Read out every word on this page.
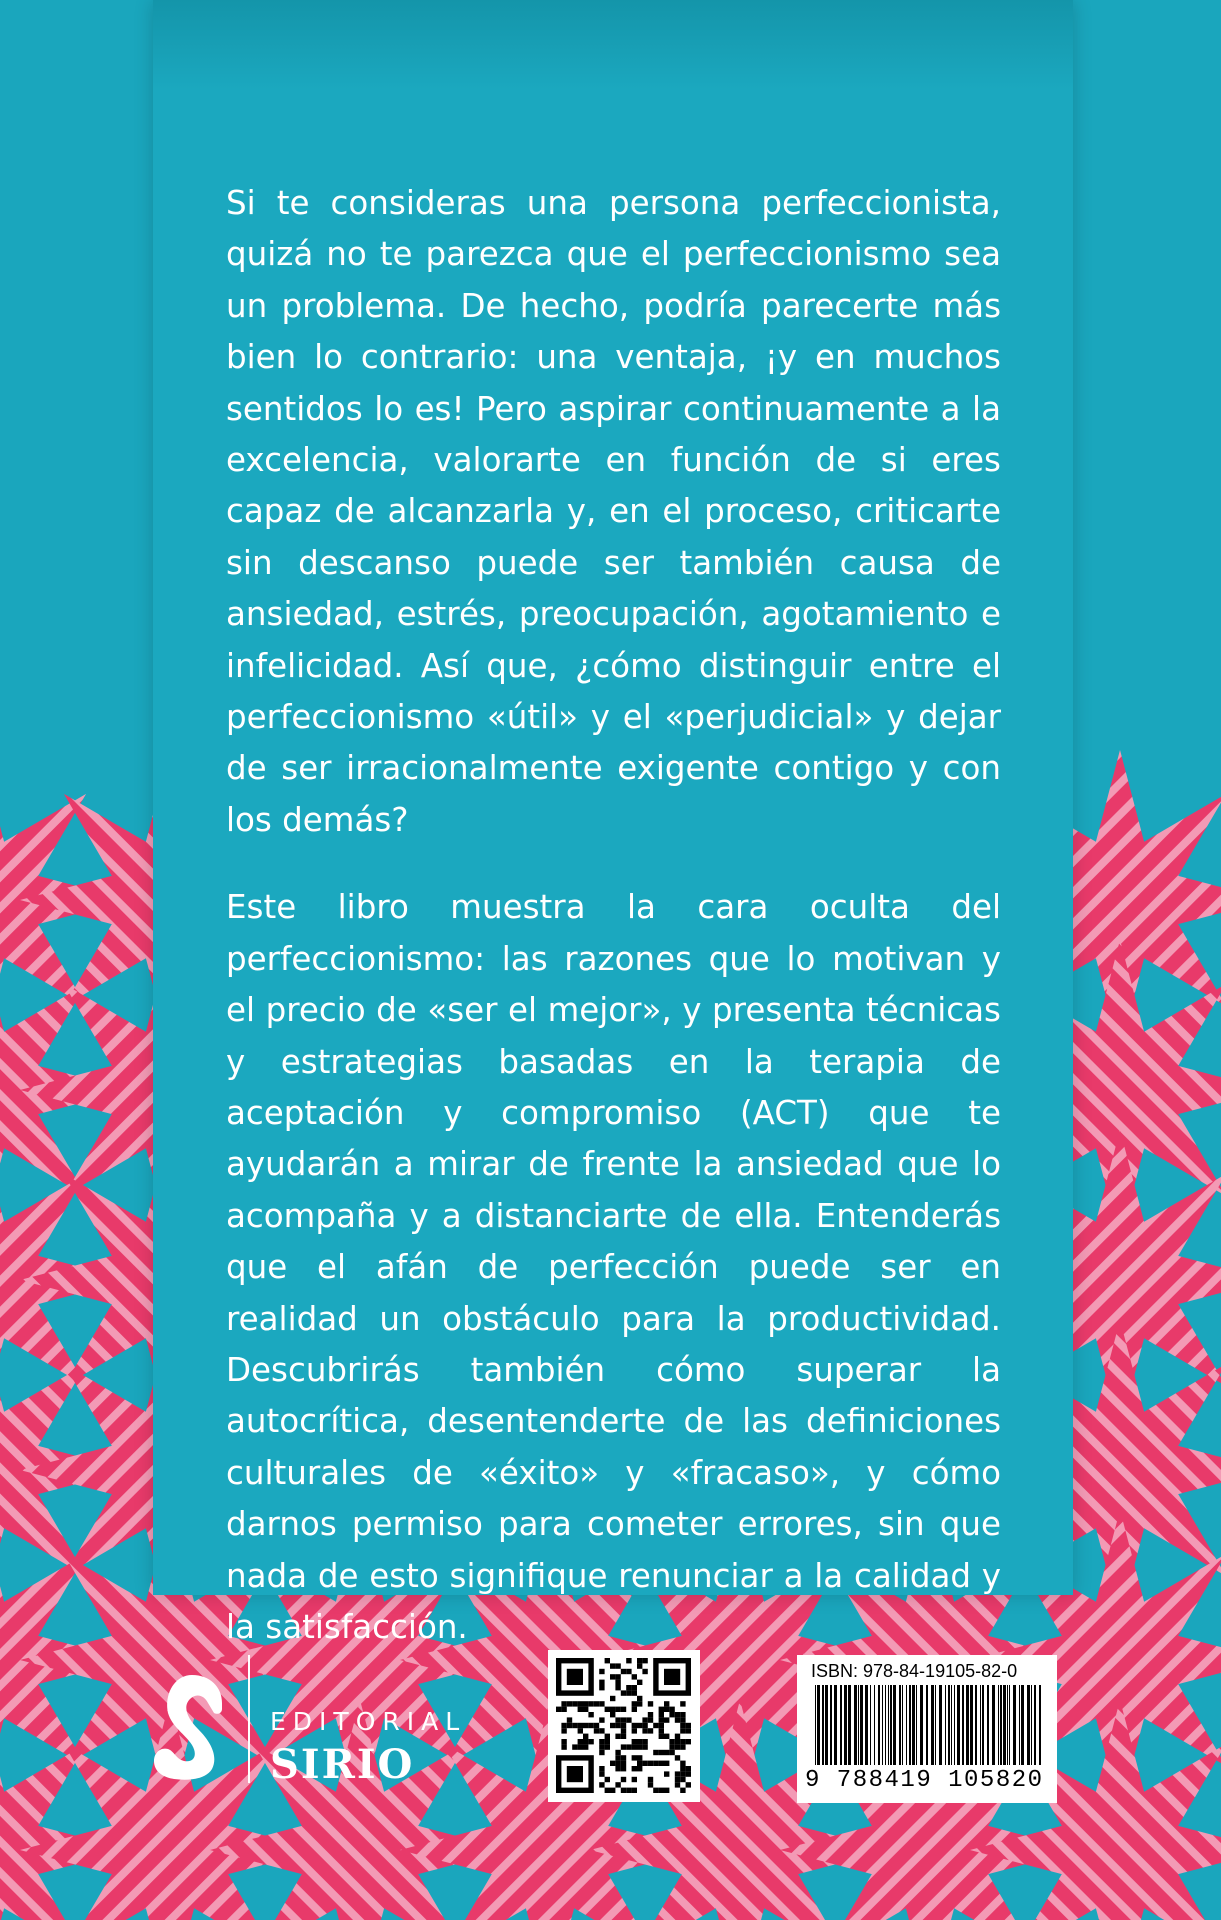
Si te consideras una persona perfeccionista, quizá no te parezca que el perfeccionismo sea un problema. De hecho, podría parecerte más bien lo contrario: una ventaja, ¡y en muchos sentidos lo es! Pero aspirar continuamente a la excelencia, valorarte en función de si eres capaz de alcanzarla y, en el proceso, criticarte sin descanso puede ser también causa de ansiedad, estrés, preocupación, agotamiento e infelicidad. Así que, ¿cómo distinguir entre el perfeccionismo «útil» y el «perjudicial» y dejar de ser irracionalmente exigente contigo y con los demás?

Este libro muestra la cara oculta del perfeccionismo: las razones que lo motivan y el precio de «ser el mejor», y presenta técnicas y estrategias basadas en la terapia de aceptación y compromiso (ACT) que te ayudarán a mirar de frente la ansiedad que lo acompaña y a distanciarte de ella. Entenderás que el afán de perfección puede ser en realidad un obstáculo para la productividad. Descubrirás también cómo superar la autocrítica, desentenderte de las definiciones culturales de «éxito» y «fracaso», y cómo darnos permiso para cometer errores, sin que nada de esto signifique renunciar a la calidad y la satisfacción.

EDITORIAL
SIRIO
ISBN: 978-84-19105-82-0
9 788419 105820
